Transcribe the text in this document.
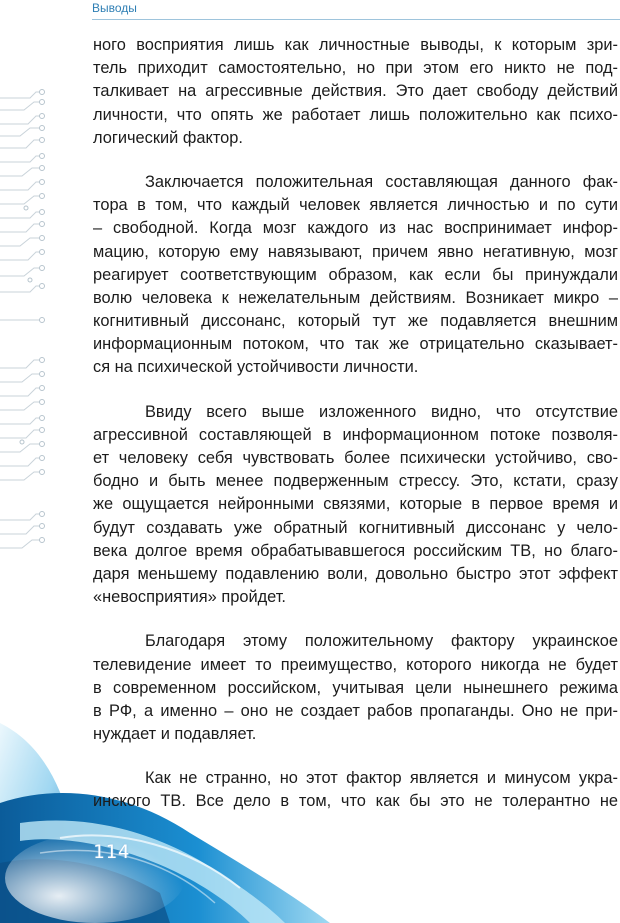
Выводы
ного восприятия лишь как личностные выводы, к которым зри-
тель приходит самостоятельно, но при этом его никто не под-
талкивает на агрессивные действия. Это дает свободу действий
личности, что опять же работает лишь положительно как психо-
логический фактор.
Заключается положительная составляющая данного фак-
тора в том, что каждый человек является личностью и по сути
– свободной. Когда мозг каждого из нас воспринимает инфор-
мацию, которую ему навязывают, причем явно негативную, мозг
реагирует соответствующим образом, как если бы принуждали
волю человека к нежелательным действиям. Возникает микро –
когнитивный диссонанс, который тут же подавляется внешним
информационным потоком, что так же отрицательно сказывает-
ся на психической устойчивости личности.
Ввиду всего выше изложенного видно, что отсутствие
агрессивной составляющей в информационном потоке позволя-
ет человеку себя чувствовать более психически устойчиво, сво-
бодно и быть менее подверженным стрессу. Это, кстати, сразу
же ощущается нейронными связями, которые в первое время и
будут создавать уже обратный когнитивный диссонанс у чело-
века долгое время обрабатывавшегося российским ТВ, но благо-
даря меньшему подавлению воли, довольно быстро этот эффект
«невосприятия» пройдет.
Благодаря этому положительному фактору украинское
телевидение имеет то преимущество, которого никогда не будет
в современном российском, учитывая цели нынешнего режима
в РФ, а именно – оно не создает рабов пропаганды. Оно не при-
нуждает и подавляет.
Как не странно, но этот фактор является и минусом укра-
инского ТВ. Все дело в том, что как бы это не толерантно не
114
